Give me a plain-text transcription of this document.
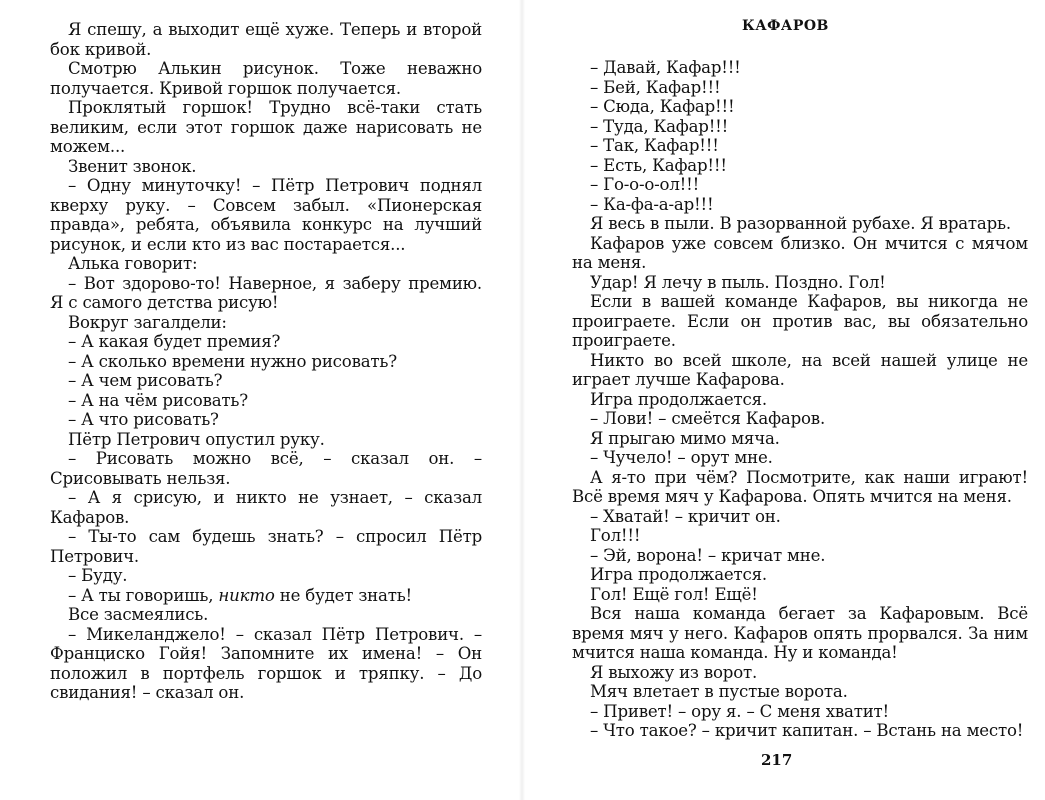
Я спешу, а выходит ещё хуже. Теперь и второй бок кривой.

Смотрю Алькин рисунок. Тоже неважно получается. Кривой горшок получается.

Проклятый горшок! Трудно всё-таки стать великим, если этот горшок даже нарисовать не можем...

Звенит звонок.

– Одну минуточку! – Пётр Петрович поднял кверху руку. – Совсем забыл. «Пионерская правда», ребята, объявила конкурс на лучший рисунок, и если кто из вас постарается...

Алька говорит:

– Вот здорово-то! Наверное, я заберу премию. Я с самого детства рисую!

Вокруг загалдели:

– А какая будет премия?

– А сколько времени нужно рисовать?

– А чем рисовать?

– А на чём рисовать?

– А что рисовать?

Пётр Петрович опустил руку.

– Рисовать можно всё, – сказал он. – Срисовывать нельзя.

– А я срисую, и никто не узнает, – сказал Кафаров.

– Ты-то сам будешь знать? – спросил Пётр Петрович.

– Буду.

– А ты говоришь, никто не будет знать!

Все засмеялись.

– Микеланджело! – сказал Пётр Петрович. – Франциско Гойя! Запомните их имена! – Он положил в портфель горшок и тряпку. – До свидания! – сказал он.

КАФАРОВ

– Давай, Кафар!!!

– Бей, Кафар!!!

– Сюда, Кафар!!!

– Туда, Кафар!!!

– Так, Кафар!!!

– Есть, Кафар!!!

– Го-о-о-ол!!!

– Ка-фа-а-ар!!!

Я весь в пыли. В разорванной рубахе. Я вратарь.

Кафаров уже совсем близко. Он мчится с мячом на меня.

Удар! Я лечу в пыль. Поздно. Гол!

Если в вашей команде Кафаров, вы никогда не проиграете. Если он против вас, вы обязательно проиграете.

Никто во всей школе, на всей нашей улице не играет лучше Кафарова.

Игра продолжается.

– Лови! – смеётся Кафаров.

Я прыгаю мимо мяча.

– Чучело! – орут мне.

А я-то при чём? Посмотрите, как наши играют! Всё время мяч у Кафарова. Опять мчится на меня.

– Хватай! – кричит он.

Гол!!!

– Эй, ворона! – кричат мне.

Игра продолжается.

Гол! Ещё гол! Ещё!

Вся наша команда бегает за Кафаровым. Всё время мяч у него. Кафаров опять прорвался. За ним мчится наша команда. Ну и команда!

Я выхожу из ворот.

Мяч влетает в пустые ворота.

– Привет! – ору я. – С меня хватит!

– Что такое? – кричит капитан. – Встань на место!

217
